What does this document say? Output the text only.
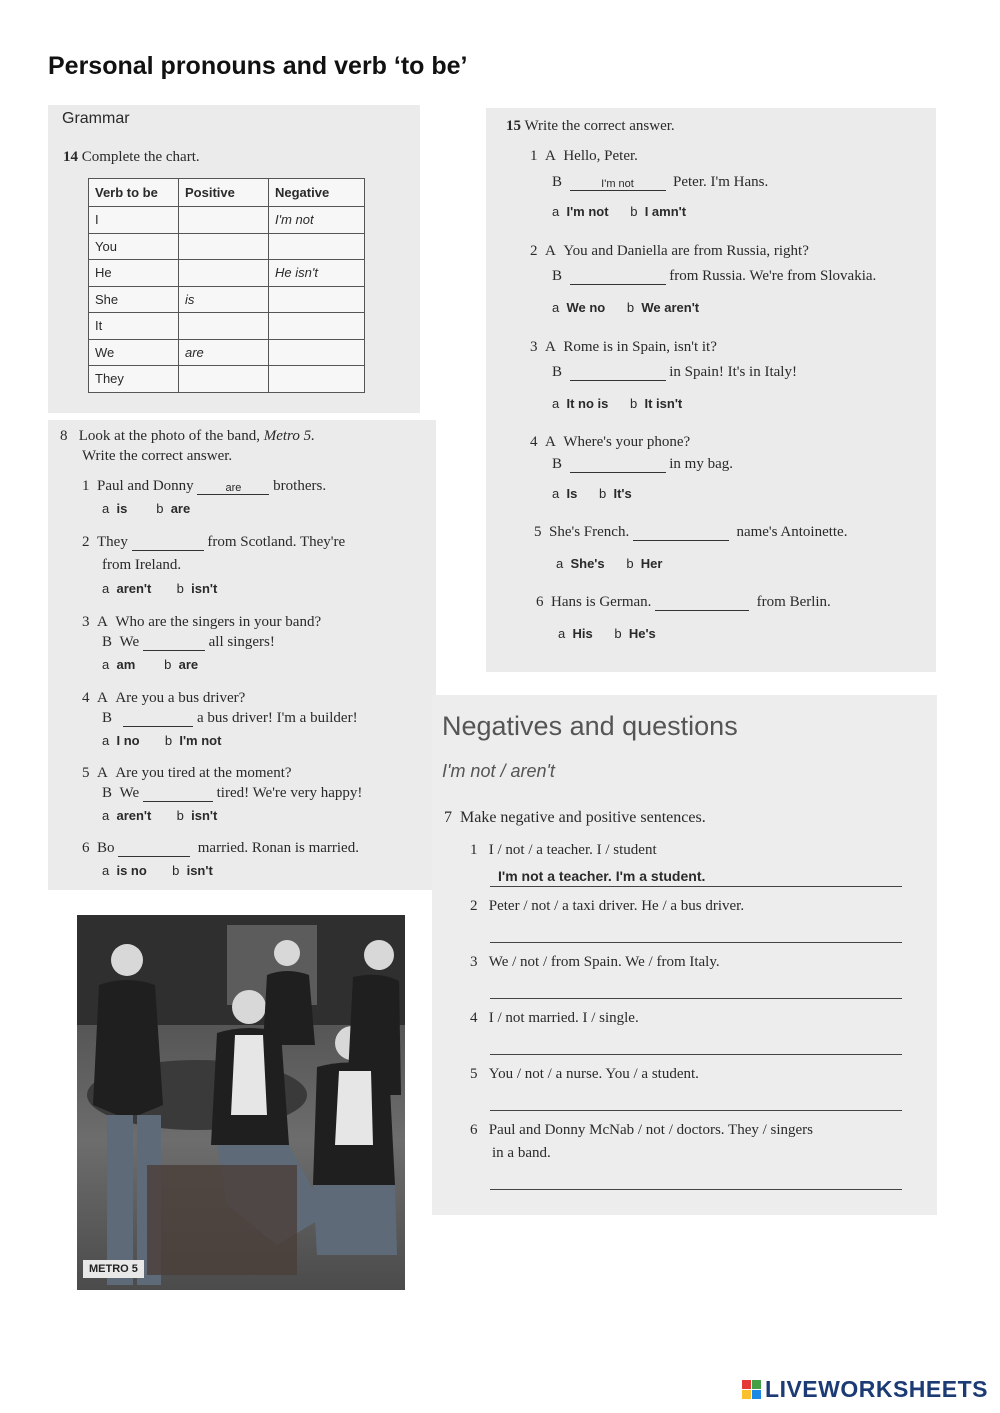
Personal pronouns and verb ‘to be’
Grammar
14 Complete the chart.
Verb to be	Positive	Negative
I		I'm not
You		
He		He isn't
She	is	
It		
We	are	
They		
15 Write the correct answer.
1 A Hello, Peter.
B	I'm not	Peter. I'm Hans.
a I'm not b I amn't
2 A You and Daniella are from Russia, right?
B	from Russia. We're from Slovakia.
a We no b We aren't
3 A Rome is in Spain, isn't it?
B	in Spain! It's in Italy!
a It no is b It isn't
4 A Where's your phone?
B	in my bag.
a Is b It's
5 She's French.	name's Antoinette.
a She's b Her
6 Hans is German.	from Berlin.
a His b He's
8 Look at the photo of the band, Metro 5.
Write the correct answer.
1 Paul and Donny	are brothers.
a is b are
2 They	from Scotland. They're
from Ireland.
a aren't b isn't
3 A Who are the singers in your band?
B We	all singers!
a am b are
4 A Are you a bus driver?
B	a bus driver! I'm a builder!
a I no b I'm not
5 A Are you tired at the moment?
B We	tired! We're very happy!
a aren't b isn't
6 Bo	married. Ronan is married.
a is no b isn't
Negatives and questions
I'm not / aren't
7 Make negative and positive sentences.
1 I / not / a teacher. I / student
I'm not a teacher. I'm a student.
2 Peter / not / a taxi driver. He / a bus driver.
3 We / not / from Spain. We / from Italy.
4 I / not married. I / single.
5 You / not / a nurse. You / a student.
6 Paul and Donny McNab / not / doctors. They / singers
in a band.
METRO 5
LIVEWORKSHEETS
